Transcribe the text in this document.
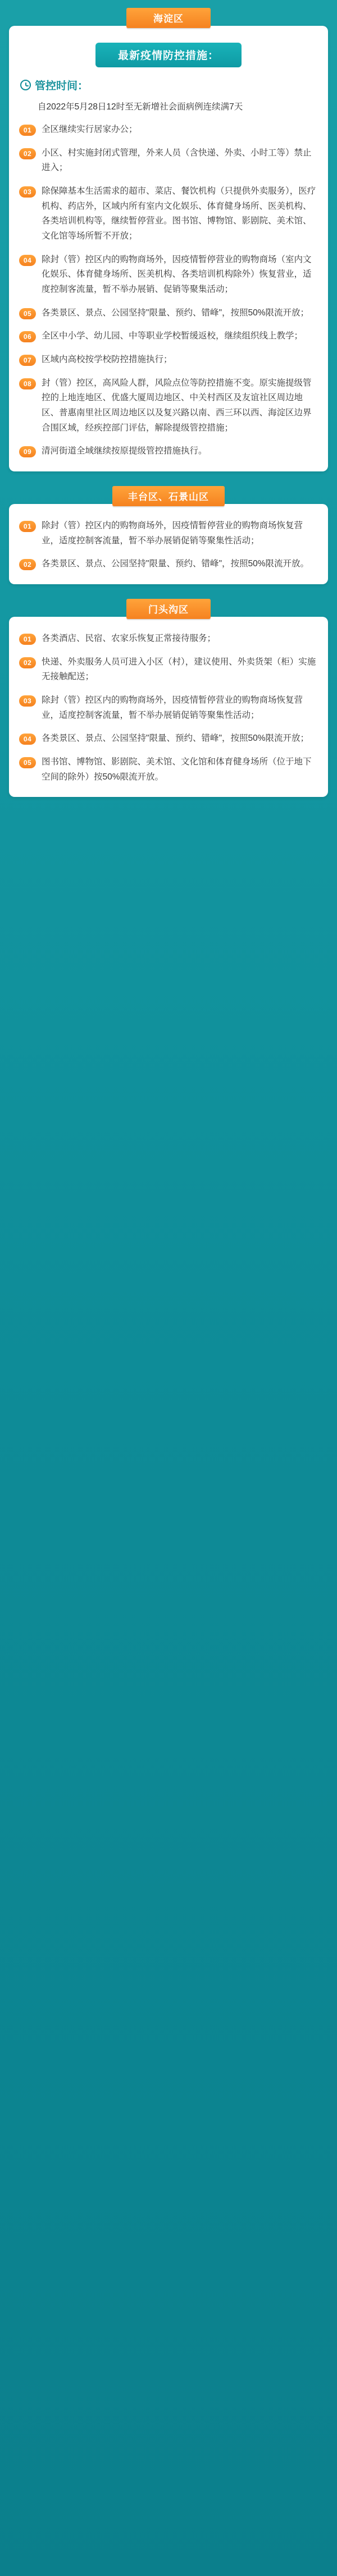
海淀区
最新疫情防控措施：
管控时间：
自2022年5月28日12时至无新增社会面病例连续满7天
01	全区继续实行居家办公；
02	小区、村实施封闭式管理，外来人员（含快递、外卖、小时工等）禁止进入；
03	除保障基本生活需求的超市、菜店、餐饮机构（只提供外卖服务），医疗机构、药店外，区域内所有室内文化娱乐、体育健身场所、医美机构、各类培训机构等，继续暂停营业。图书馆、博物馆、影剧院、美术馆、文化馆等场所暂不开放；
04	除封（管）控区内的购物商场外，因疫情暂停营业的购物商场（室内文化娱乐、体育健身场所、医美机构、各类培训机构除外）恢复营业，适度控制客流量，暂不举办展销、促销等聚集活动；
05	各类景区、景点、公园坚持"限量、预约、错峰"，按照50%限流开放；
06	全区中小学、幼儿园、中等职业学校暂缓返校，继续组织线上教学；
07	区域内高校按学校防控措施执行；
08	封（管）控区，高风险人群，风险点位等防控措施不变。原实施提级管控的上地连地区、优盛大厦周边地区、中关村西区及友谊社区周边地区、普惠南里社区周边地区以及复兴路以南、西三环以西、海淀区边界合围区域，经疾控部门评估，解除提级管控措施；
09	清河街道全域继续按原提级管控措施执行。
丰台区、石景山区
01	除封（管）控区内的购物商场外，因疫情暂停营业的购物商场恢复营业，适度控制客流量，暂不举办展销促销等聚集性活动；
02	各类景区、景点、公园坚持"限量、预约、错峰"，按照50%限流开放。
门头沟区
01	各类酒店、民宿、农家乐恢复正常接待服务；
02	快递、外卖服务人员可进入小区（村），建议使用、外卖货架（柜）实施无接触配送；
03	除封（管）控区内的购物商场外，因疫情暂停营业的购物商场恢复营业，适度控制客流量，暂不举办展销促销等聚集性活动；
04	各类景区、景点、公园坚持"限量、预约、错峰"，按照50%限流开放；
05	图书馆、博物馆、影剧院、美术馆、文化馆和体育健身场所（位于地下空间的除外）按50%限流开放。
